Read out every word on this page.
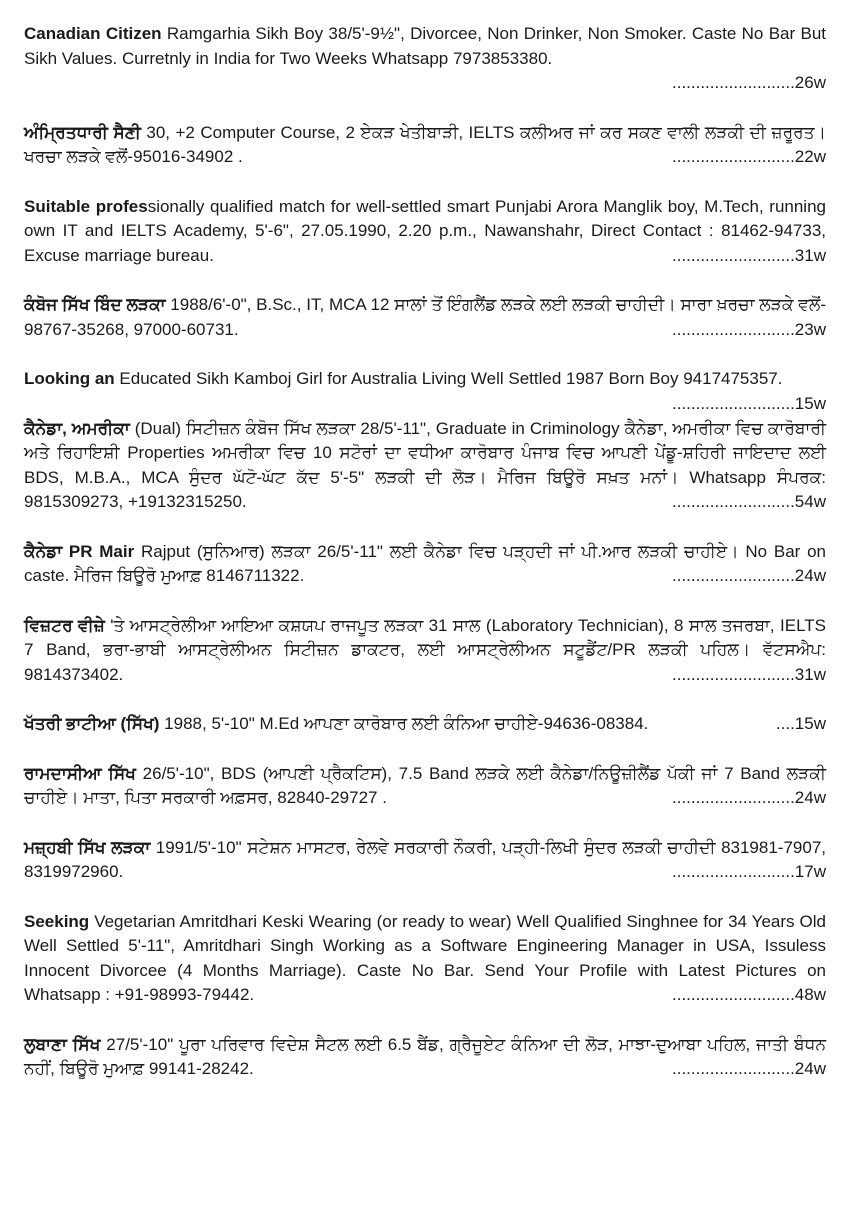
Canadian Citizen Ramgarhia Sikh Boy 38/5'-9½", Divorcee, Non Drinker, Non Smoker. Caste No Bar But Sikh Values. Curretnly in India for Two Weeks Whatsapp 7973853380.

..........................26w

ਅੰਮ੍ਰਿਤਧਾਰੀ ਸੈਣੀ 30, +2 Computer Course, 2 ਏਕੜ ਖੇਤੀਬਾੜੀ, IELTS ਕਲੀਅਰ ਜਾਂ ਕਰ ਸਕਣ ਵਾਲੀ ਲੜਕੀ ਦੀ ਜ਼ਰੂਰਤ। ਖਰਚਾ ਲੜਕੇ ਵਲੋਂ-95016-34902 .	..........................22w

Suitable professionally qualified match for well-settled smart Punjabi Arora Manglik boy, M.Tech, running own IT and IELTS Academy, 5'-6", 27.05.1990, 2.20 p.m., Nawanshahr, Direct Contact : 81462-94733, Excuse marriage bureau.	..........................31w

ਕੰਬੋਜ ਸਿੱਖ ਬਿੰਦ ਲੜਕਾ 1988/6'-0", B.Sc., IT, MCA 12 ਸਾਲਾਂ ਤੋਂ ਇੰਗਲੈਂਡ ਲੜਕੇ ਲਈ ਲੜਕੀ ਚਾਹੀਦੀ। ਸਾਰਾ ਖ਼ਰਚਾ ਲੜਕੇ ਵਲੋਂ- 98767-35268, 97000-60731.	..........................23w

Looking an Educated Sikh Kamboj Girl for Australia Living Well Settled 1987 Born Boy 9417475357.
..........................15w

ਕੈਨੇਡਾ, ਅਮਰੀਕਾ (Dual) ਸਿਟੀਜ਼ਨ ਕੰਬੋਜ ਸਿੱਖ ਲੜਕਾ 28/5'-11", Graduate in Criminology ਕੈਨੇਡਾ, ਅਮਰੀਕਾ ਵਿਚ ਕਾਰੋਬਾਰੀ ਅਤੇ ਰਿਹਾਇਸ਼ੀ Properties ਅਮਰੀਕਾ ਵਿਚ 10 ਸਟੋਰਾਂ ਦਾ ਵਧੀਆ ਕਾਰੋਬਾਰ ਪੰਜਾਬ ਵਿਚ ਆਪਣੀ ਪੇਂਡੂ-ਸ਼ਹਿਰੀ ਜਾਇਦਾਦ ਲਈ BDS, M.B.A., MCA ਸੁੰਦਰ ਘੱਟੋ-ਘੱਟ ਕੱਦ 5'-5" ਲੜਕੀ ਦੀ ਲੋੜ। ਮੈਰਿਜ ਬਿਊਰੋ ਸਖ਼ਤ ਮਨਾਂ। Whatsapp ਸੰਪਰਕ: 9815309273, +19132315250.	..........................54w

ਕੈਨੇਡਾ PR Mair Rajput (ਸੁਨਿਆਰ) ਲੜਕਾ 26/5'-11" ਲਈ ਕੈਨੇਡਾ ਵਿਚ ਪੜ੍ਹਦੀ ਜਾਂ ਪੀ.ਆਰ ਲੜਕੀ ਚਾਹੀਏ। No Bar on caste. ਮੈਰਿਜ ਬਿਊਰੋ ਮੁਆਫ਼ 8146711322.	..........................24w

ਵਿਜ਼ਟਰ ਵੀਜ਼ੇ 'ਤੇ ਆਸਟ੍ਰੇਲੀਆ ਆਇਆ ਕਸ਼ਯਪ ਰਾਜਪੂਤ ਲੜਕਾ 31 ਸਾਲ (Laboratory Technician), 8 ਸਾਲ ਤਜਰਬਾ, IELTS 7 Band, ਭਰਾ-ਭਾਬੀ ਆਸਟ੍ਰੇਲੀਅਨ ਸਿਟੀਜ਼ਨ ਡਾਕਟਰ, ਲਈ ਆਸਟ੍ਰੇਲੀਅਨ ਸਟੂਡੈਂਟ/PR ਲੜਕੀ ਪਹਿਲ। ਵੱਟਸਐਪ: 9814373402.	..........................31w

ਖੱਤਰੀ ਭਾਟੀਆ (ਸਿੱਖ) 1988, 5'-10" M.Ed ਆਪਣਾ ਕਾਰੋਬਾਰ ਲਈ ਕੰਨਿਆ ਚਾਹੀਏ-94636-08384.	....15w

ਰਾਮਦਾਸੀਆ ਸਿੱਖ 26/5'-10", BDS (ਆਪਣੀ ਪ੍ਰੈਕਟਿਸ), 7.5 Band ਲੜਕੇ ਲਈ ਕੈਨੇਡਾ/ਨਿਊਜ਼ੀਲੈਂਡ ਪੱਕੀ ਜਾਂ 7 Band ਲੜਕੀ ਚਾਹੀਏ। ਮਾਤਾ, ਪਿਤਾ ਸਰਕਾਰੀ ਅਫ਼ਸਰ, 82840-29727 .	..........................24w

ਮਜ਼੍ਹਬੀ ਸਿੱਖ ਲੜਕਾ 1991/5'-10" ਸਟੇਸ਼ਨ ਮਾਸਟਰ, ਰੇਲਵੇ ਸਰਕਾਰੀ ਨੌਕਰੀ, ਪੜ੍ਹੀ-ਲਿਖੀ ਸੁੰਦਰ ਲੜਕੀ ਚਾਹੀਦੀ 831981-7907, 8319972960.	..........................17w

Seeking Vegetarian Amritdhari Keski Wearing (or ready to wear) Well Qualified Singhnee for 34 Years Old Well Settled 5'-11", Amritdhari Singh Working as a Software Engineering Manager in USA, Issuless Innocent Divorcee (4 Months Marriage). Caste No Bar. Send Your Profile with Latest Pictures on Whatsapp : +91-98993-79442.	..........................48w

ਲੁਬਾਣਾ ਸਿੱਖ 27/5'-10" ਪੂਰਾ ਪਰਿਵਾਰ ਵਿਦੇਸ਼ ਸੈਟਲ ਲਈ 6.5 ਬੈਂਡ, ਗ੍ਰੈਜੂਏਟ ਕੰਨਿਆ ਦੀ ਲੋੜ, ਮਾਝਾ-ਦੁਆਬਾ ਪਹਿਲ, ਜਾਤੀ ਬੰਧਨ ਨਹੀਂ, ਬਿਊਰੋ ਮੁਆਫ਼ 99141-28242.	..........................24w
